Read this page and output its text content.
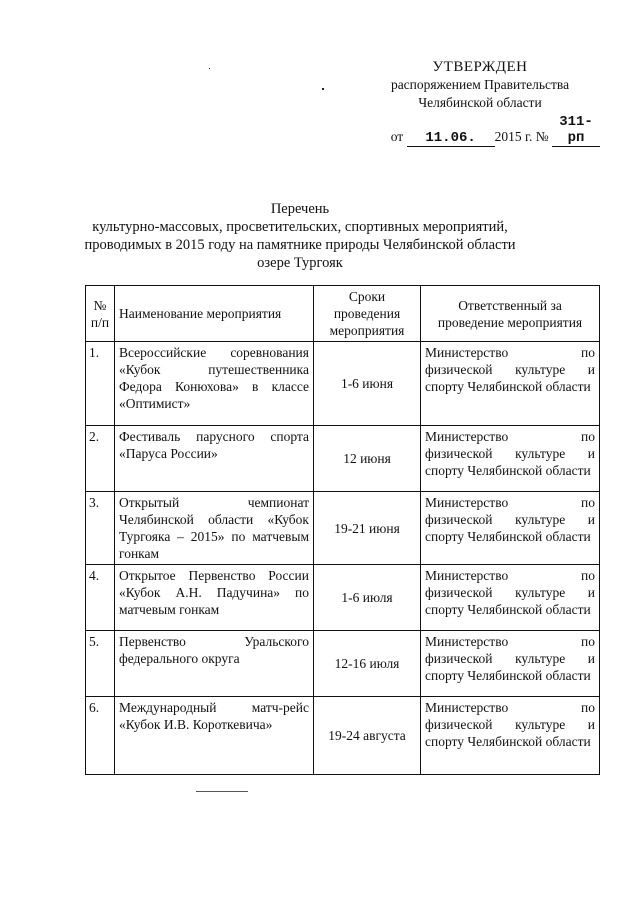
УТВЕРЖДЕН
распоряжением Правительства
Челябинской области
от 11.06. 2015 г. № 311-рп
Перечень
культурно-массовых, просветительских, спортивных мероприятий,
проводимых в 2015 году на памятнике природы Челябинской области
озере Тургояк
№ п/п	Наименование мероприятия	Сроки проведения мероприятия	Ответственный за проведение мероприятия
1.	Всероссийские соревнования «Кубок путешественника Федора Конюхова» в классе «Оптимист»	1-6 июня	Министерство по физической культуре и спорту Челябинской области
2.	Фестиваль парусного спорта «Паруса России»	12 июня	Министерство по физической культуре и спорту Челябинской области
3.	Открытый чемпионат Челябинской области «Кубок Тургояка – 2015» по матчевым гонкам	19-21 июня	Министерство по физической культуре и спорту Челябинской области
4.	Открытое Первенство России «Кубок А.Н. Падучина» по матчевым гонкам	1-6 июля	Министерство по физической культуре и спорту Челябинской области
5.	Первенство Уральского федерального округа	12-16 июля	Министерство по физической культуре и спорту Челябинской области
6.	Международный матч-рейс «Кубок И.В. Короткевича»	19-24 августа	Министерство по физической культуре и спорту Челябинской области
